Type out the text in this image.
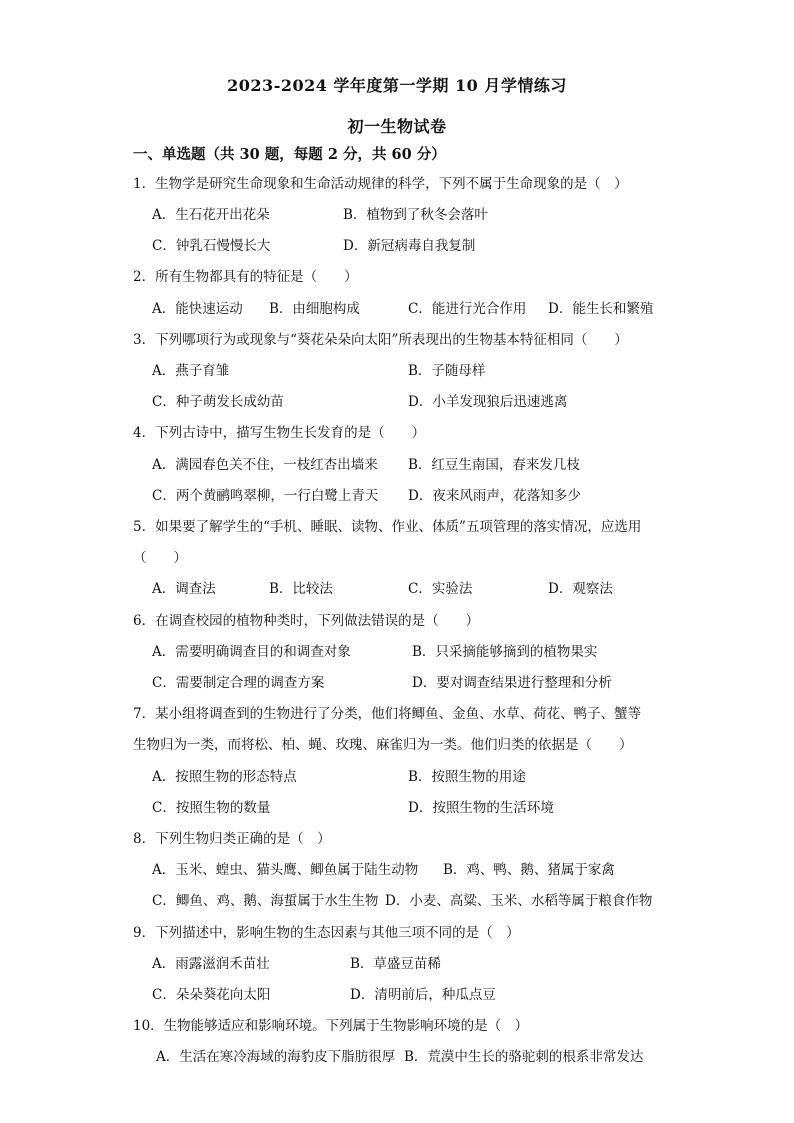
2023-2024 学年度第一学期 10 月学情练习
初一生物试卷
一、单选题（共 30 题，每题 2 分，共 60 分）
1．生物学是研究生命现象和生命活动规律的科学，下列不属于生命现象的是（　）
A．生石花开出花朵	B．植物到了秋冬会落叶
C．钟乳石慢慢长大	D．新冠病毒自我复制
2．所有生物都具有的特征是（　　）
A．能快速运动 B．由细胞构成	C．能进行光合作用 D．能生长和繁殖
3．下列哪项行为或现象与“葵花朵朵向太阳”所表现出的生物基本特征相同（　　）
A．燕子育雏	B．子随母样
C．种子萌发长成幼苗	D．小羊发现狼后迅速逃离
4．下列古诗中，描写生物生长发育的是（　　）
A．满园春色关不住，一枝红杏出墙来 B．红豆生南国，春来发几枝
C．两个黄鹂鸣翠柳，一行白鹭上青天 D．夜来风雨声，花落知多少
5．如果要了解学生的“手机、睡眠、读物、作业、体质”五项管理的落实情况，应选用
（　　）
A．调查法	B．比较法	C．实验法	D．观察法
6．在调查校园的植物种类时，下列做法错误的是（　　）
A．需要明确调查目的和调查对象	B．只采摘能够摘到的植物果实
C．需要制定合理的调查方案	D．要对调查结果进行整理和分析
7．某小组将调查到的生物进行了分类，他们将鲫鱼、金鱼、水草、荷花、鸭子、蟹等
生物归为一类，而将松、柏、蝇、玫瑰、麻雀归为一类。他们归类的依据是（　　）
A．按照生物的形态特点	B．按照生物的用途
C．按照生物的数量	D．按照生物的生活环境
8．下列生物归类正确的是（　）
A．玉米、蝗虫、猫头鹰、鲫鱼属于陆生动物 B．鸡、鸭、鹅、猪属于家禽
C．鲫鱼、鸡、鹅、海蜇属于水生生物 D．小麦、高粱、玉米、水稻等属于粮食作物
9．下列描述中，影响生物的生态因素与其他三项不同的是（　）
A．雨露滋润禾苗壮	B．草盛豆苗稀
C．朵朵葵花向太阳	D．清明前后，种瓜点豆
10．生物能够适应和影响环境。下列属于生物影响环境的是（　）
A．生活在寒冷海域的海豹皮下脂肪很厚 B．荒漠中生长的骆驼刺的根系非常发达
